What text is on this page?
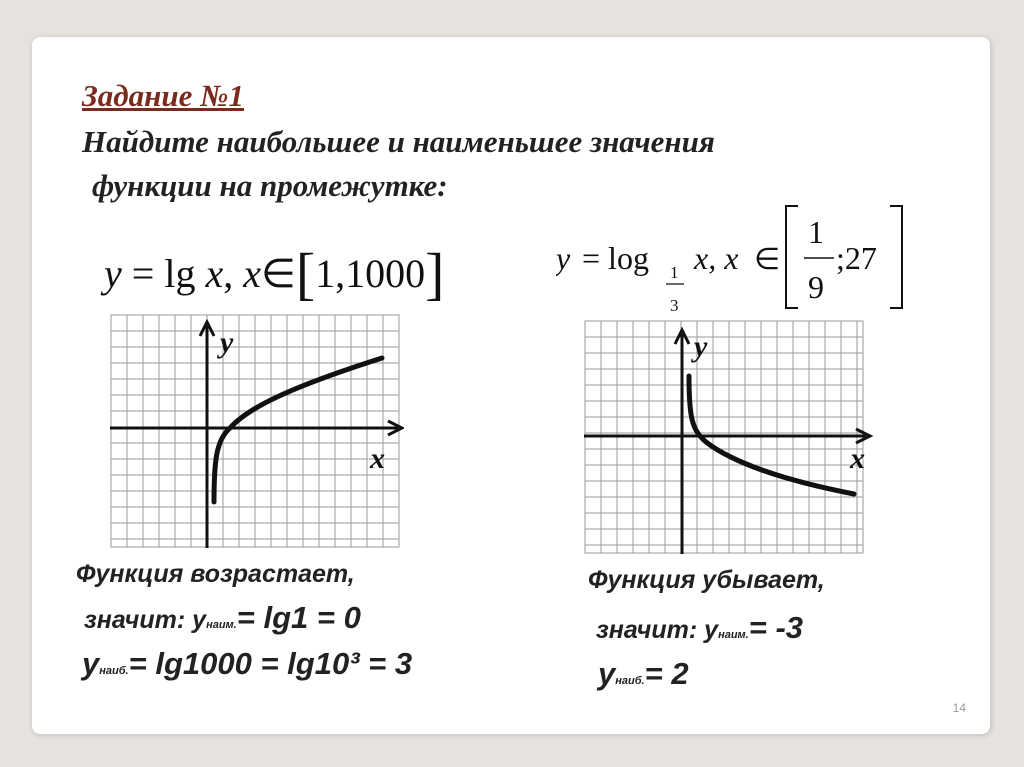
Задание №1
Найдите наибольшее и наименьшее значения
функции на промежутке:
y = lg x, x∈[1,1000]	y = log 1
3
x, x ∈
1
9
;27
y
x
y
x
Функция возрастает,
значит: yнаим.= lg1 = 0
yнаиб.= lg1000 = lg10³ = 3
Функция убывает,
значит: yнаим.= -3
yнаиб.= 2
14
